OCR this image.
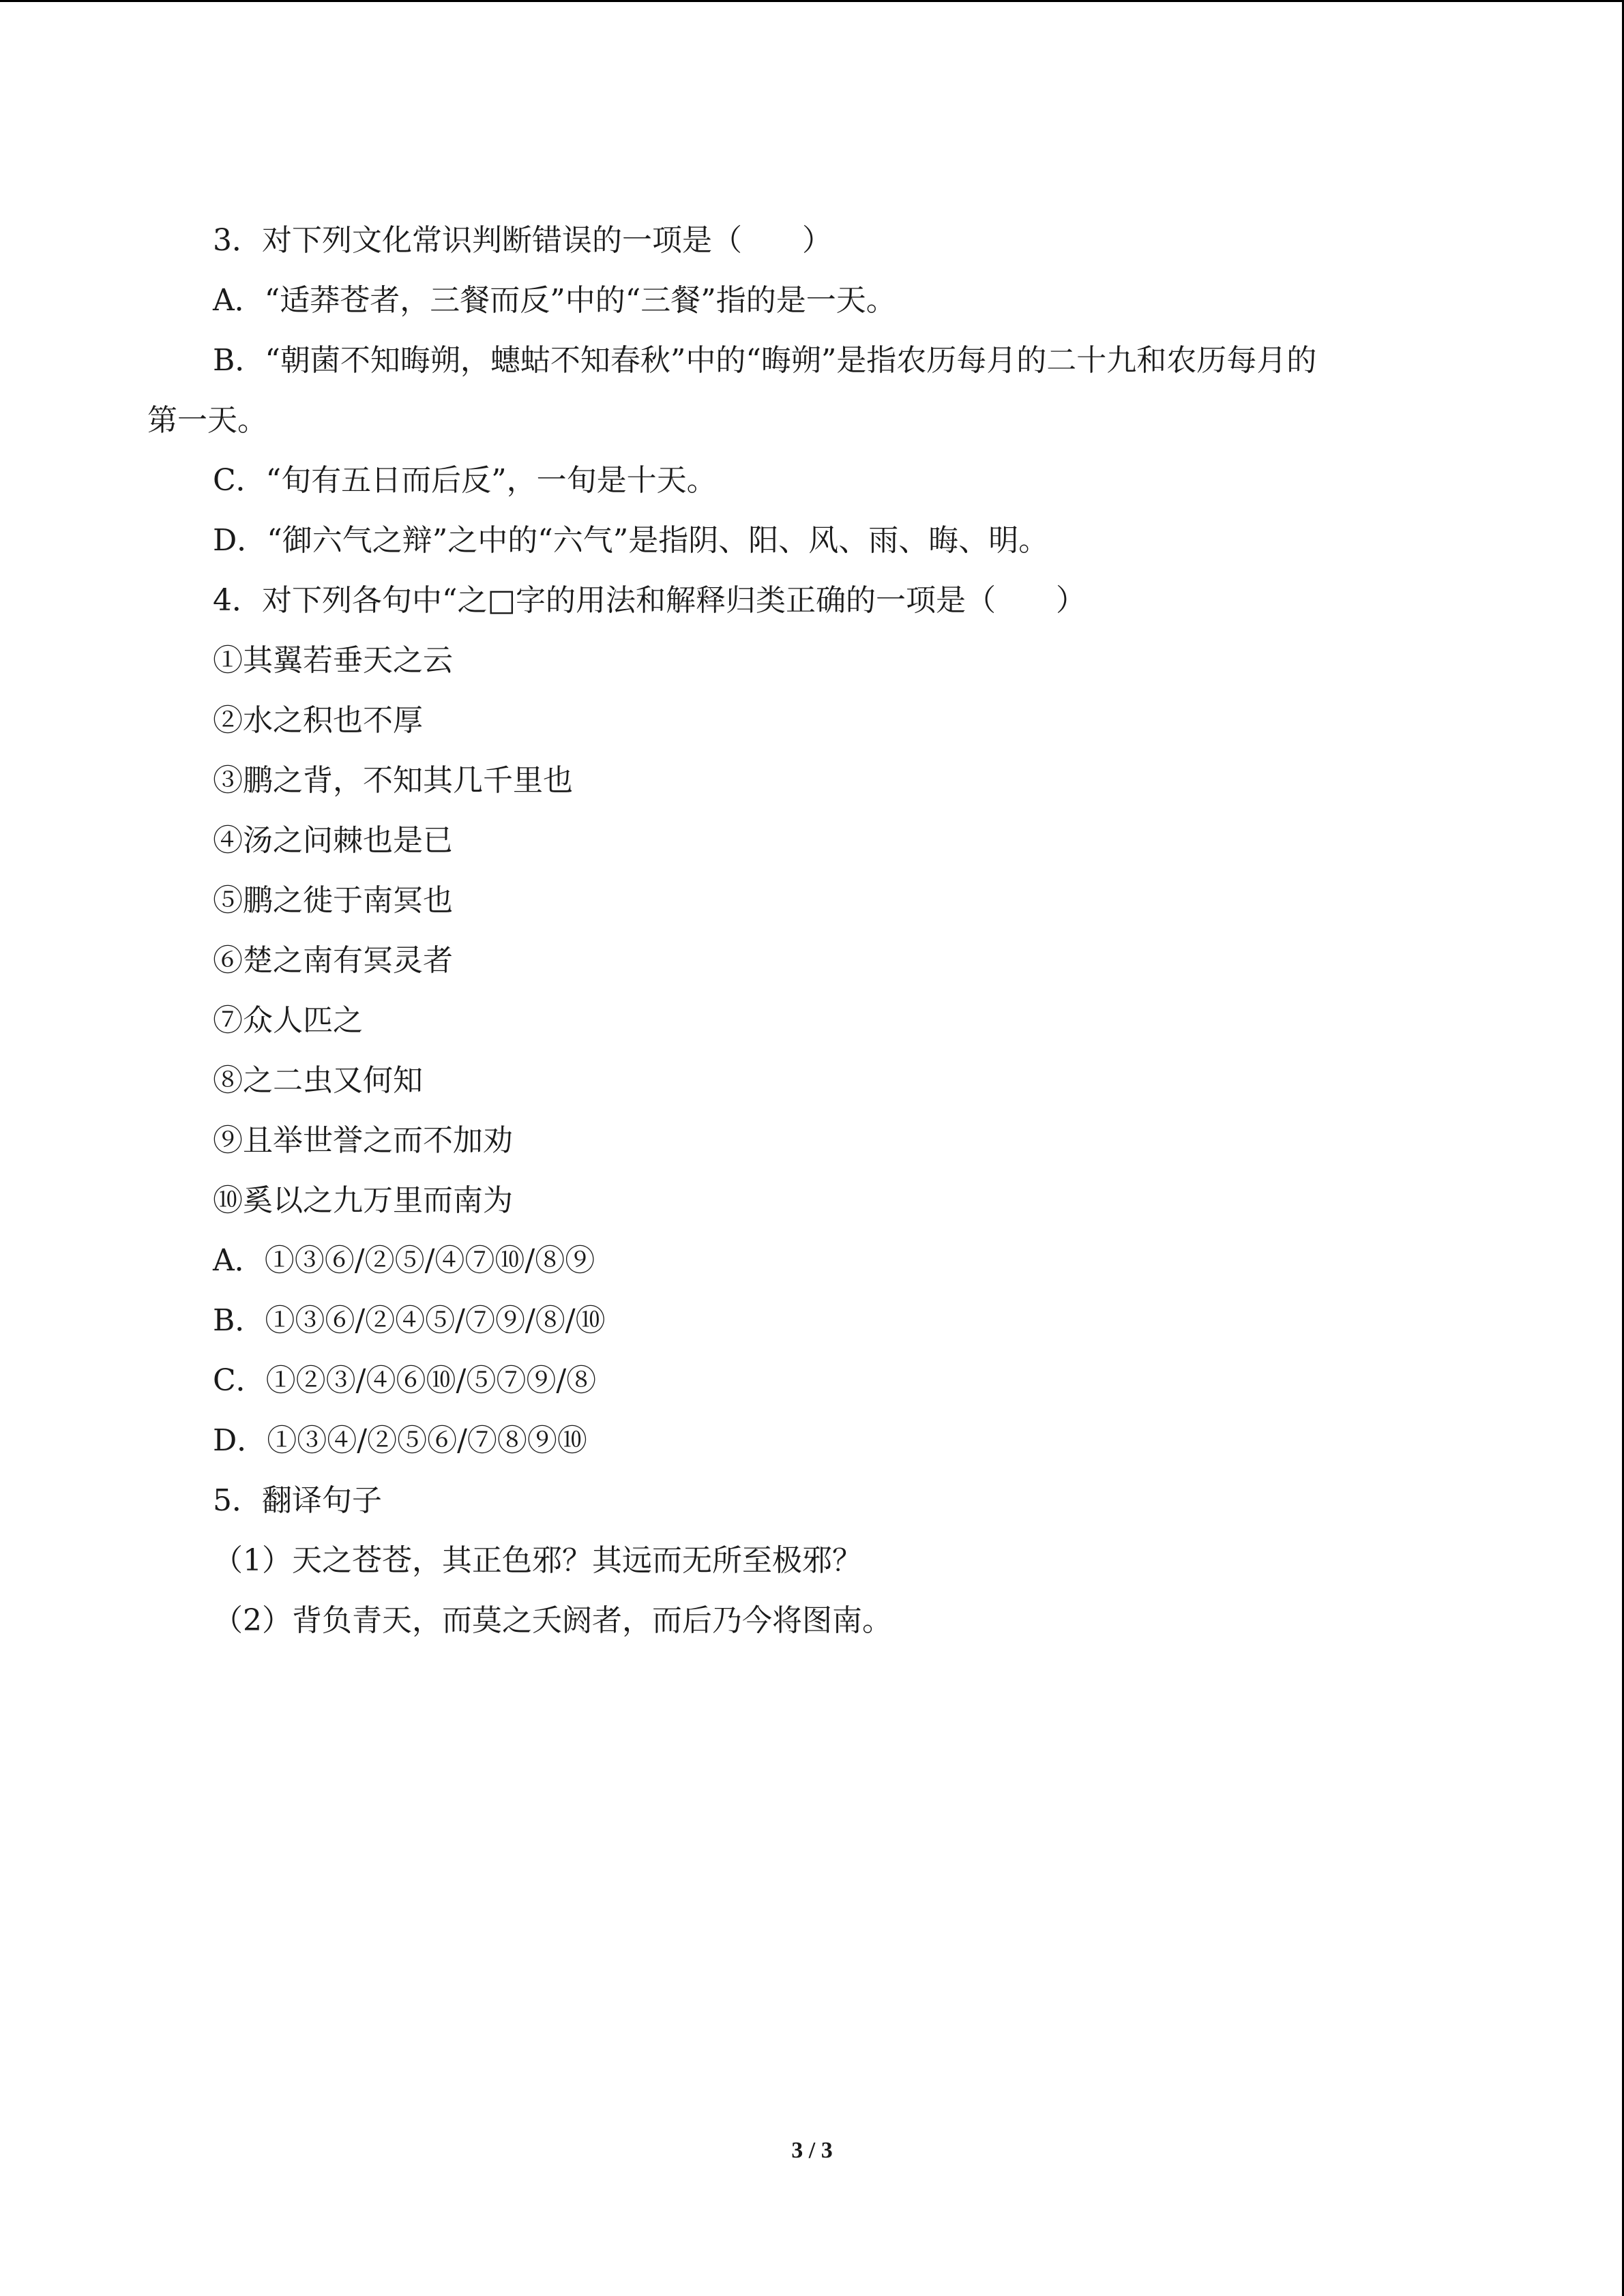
3．对下列文化常识判断错误的一项是（　　）
A．“适莽苍者，三餐而反”中的“三餐”指的是一天。
B．“朝菌不知晦朔，蟪蛄不知春秋”中的“晦朔”是指农历每月的二十九和农历每月的
第一天。
C．“旬有五日而后反”，一旬是十天。
D．“御六气之辩”之中的“六气”是指阴、阳、风、雨、晦、明。
4．对下列各句中“之□字的用法和解释归类正确的一项是（　　）
①其翼若垂天之云
②水之积也不厚
③鹏之背，不知其几千里也
④汤之问棘也是已
⑤鹏之徙于南冥也
⑥楚之南有冥灵者
⑦众人匹之
⑧之二虫又何知
⑨且举世誉之而不加劝
⑩奚以之九万里而南为
A．①③⑥/②⑤/④⑦⑩/⑧⑨
B．①③⑥/②④⑤/⑦⑨/⑧/⑩
C．①②③/④⑥⑩/⑤⑦⑨/⑧
D．①③④/②⑤⑥/⑦⑧⑨⑩
5．翻译句子
（1）天之苍苍，其正色邪？其远而无所至极邪？
（2）背负青天，而莫之夭阏者，而后乃今将图南。
3 / 3
